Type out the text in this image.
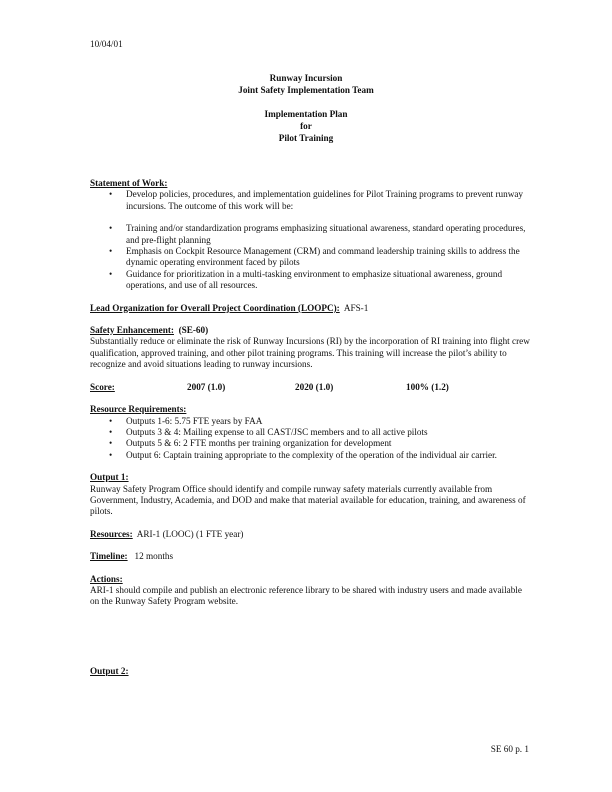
10/04/01
Runway Incursion
Joint Safety Implementation Team
Implementation Plan
for
Pilot Training
Statement of Work:
• Develop policies, procedures, and implementation guidelines for Pilot Training programs to prevent runway incursions. The outcome of this work will be:
• Training and/or standardization programs emphasizing situational awareness, standard operating procedures, and pre-flight planning
• Emphasis on Cockpit Resource Management (CRM) and command leadership training skills to address the dynamic operating environment faced by pilots
• Guidance for prioritization in a multi-tasking environment to emphasize situational awareness, ground operations, and use of all resources.
Lead Organization for Overall Project Coordination (LOOPC): AFS-1
Safety Enhancement: (SE-60)
Substantially reduce or eliminate the risk of Runway Incursions (RI) by the incorporation of RI training into flight crew qualification, approved training, and other pilot training programs. This training will increase the pilot’s ability to recognize and avoid situations leading to runway incursions.
Score:	2007 (1.0)	2020 (1.0)	100% (1.2)
Resource Requirements:
• Outputs 1-6: 5.75 FTE years by FAA
• Outputs 3 & 4: Mailing expense to all CAST/JSC members and to all active pilots
• Outputs 5 & 6: 2 FTE months per training organization for development
• Output 6: Captain training appropriate to the complexity of the operation of the individual air carrier.
Output 1:
Runway Safety Program Office should identify and compile runway safety materials currently available from Government, Industry, Academia, and DOD and make that material available for education, training, and awareness of pilots.
Resources: ARI-1 (LOOC) (1 FTE year)
Timeline: 12 months
Actions:
ARI-1 should compile and publish an electronic reference library to be shared with industry users and made available on the Runway Safety Program website.
Output 2:
SE 60 p. 1
